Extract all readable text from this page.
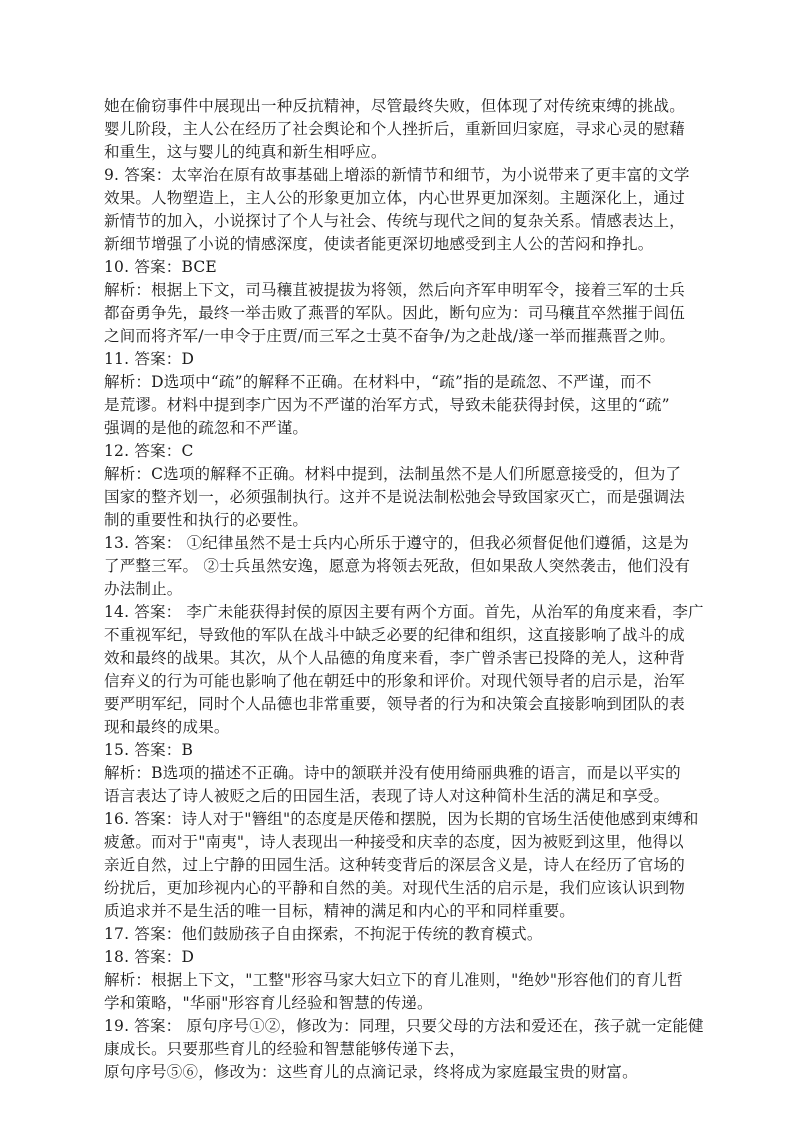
她在偷窃事件中展现出一种反抗精神，尽管最终失败，但体现了对传统束缚的挑战。
婴儿阶段，主人公在经历了社会舆论和个人挫折后，重新回归家庭，寻求心灵的慰藉
和重生，这与婴儿的纯真和新生相呼应。
9. 答案：太宰治在原有故事基础上增添的新情节和细节，为小说带来了更丰富的文学
效果。人物塑造上，主人公的形象更加立体，内心世界更加深刻。主题深化上，通过
新情节的加入，小说探讨了个人与社会、传统与现代之间的复杂关系。情感表达上，
新细节增强了小说的情感深度，使读者能更深切地感受到主人公的苦闷和挣扎。
10. 答案：BCE
解析：根据上下文，司马穰苴被提拔为将领，然后向齐军申明军令，接着三军的士兵
都奋勇争先，最终一举击败了燕晋的军队。因此，断句应为：司马穰苴卒然摧于闾伍
之间而将齐军/一申令于庄贾/而三军之士莫不奋争/为之赴战/遂一举而摧燕晋之帅。
11. 答案：D
解析：D选项中“疏”的解释不正确。在材料中，“疏”指的是疏忽、不严谨，而不
是荒谬。材料中提到李广因为不严谨的治军方式，导致未能获得封侯，这里的“疏”
强调的是他的疏忽和不严谨。
12. 答案：C
解析：C选项的解释不正确。材料中提到，法制虽然不是人们所愿意接受的，但为了
国家的整齐划一，必须强制执行。这并不是说法制松弛会导致国家灭亡，而是强调法
制的重要性和执行的必要性。
13. 答案： ①纪律虽然不是士兵内心所乐于遵守的，但我必须督促他们遵循，这是为
了严整三军。 ②士兵虽然安逸，愿意为将领去死敌，但如果敌人突然袭击，他们没有
办法制止。
14. 答案： 李广未能获得封侯的原因主要有两个方面。首先，从治军的角度来看，李广
不重视军纪，导致他的军队在战斗中缺乏必要的纪律和组织，这直接影响了战斗的成
效和最终的战果。其次，从个人品德的角度来看，李广曾杀害已投降的羌人，这种背
信弃义的行为可能也影响了他在朝廷中的形象和评价。对现代领导者的启示是，治军
要严明军纪，同时个人品德也非常重要，领导者的行为和决策会直接影响到团队的表
现和最终的成果。
15. 答案：B
解析：B选项的描述不正确。诗中的颔联并没有使用绮丽典雅的语言，而是以平实的
语言表达了诗人被贬之后的田园生活，表现了诗人对这种简朴生活的满足和享受。
16. 答案：诗人对于"簪组"的态度是厌倦和摆脱，因为长期的官场生活使他感到束缚和
疲惫。而对于"南夷"，诗人表现出一种接受和庆幸的态度，因为被贬到这里，他得以
亲近自然，过上宁静的田园生活。这种转变背后的深层含义是，诗人在经历了官场的
纷扰后，更加珍视内心的平静和自然的美。对现代生活的启示是，我们应该认识到物
质追求并不是生活的唯一目标，精神的满足和内心的平和同样重要。
17. 答案：他们鼓励孩子自由探索，不拘泥于传统的教育模式。
18. 答案：D
解析：根据上下文，"工整"形容马家大妇立下的育儿准则，"绝妙"形容他们的育儿哲
学和策略，"华丽"形容育儿经验和智慧的传递。
19. 答案： 原句序号①②，修改为：同理，只要父母的方法和爱还在，孩子就一定能健
康成长。只要那些育儿的经验和智慧能够传递下去，
原句序号⑤⑥，修改为：这些育儿的点滴记录，终将成为家庭最宝贵的财富。
